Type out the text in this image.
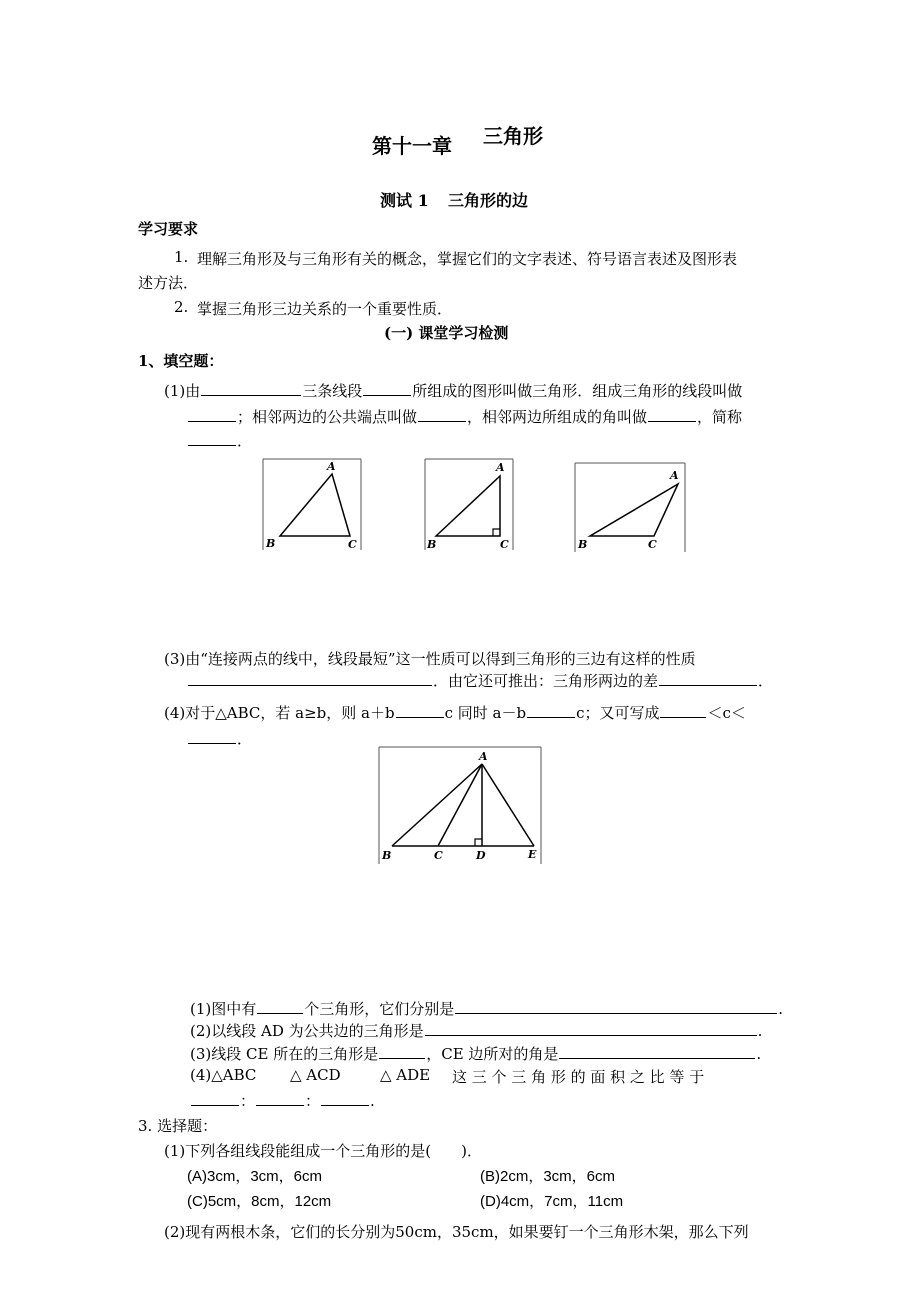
第十一章 三角形
测试 1 三角形的边
学习要求
1. 理解三角形及与三角形有关的概念，掌握它们的文字表述、符号语言表述及图形表
述方法．
2. 掌握三角形三边关系的一个重要性质．
(一) 课堂学习检测
1、填空题：
(1)由	三条线段	所组成的图形叫做三角形．组成三角形的线段叫做
；相邻两边的公共端点叫做	，相邻两边所组成的角叫做	，简称
．
A
B	C
A
B	C
A
B	C
(3)由“连接两点的线中，线段最短”这一性质可以得到三角形的三边有这样的性质
．由它还可推出：三角形两边的差	．
(4)对于△ABC，若 a≥b，则 a＋b	c 同时 a－b	c；又可写成	＜c＜
．
A
B	C	D	E
(1)图中有	个三角形，它们分别是	.
(2)以线段 AD 为公共边的三角形是	.
(3)线段 CE 所在的三角形是	，CE 边所对的角是	.
(4)△ABC △ ACD	△ ADE 这 三 个 三 角 形 的 面 积 之 比 等 于
：	：	.
3. 选择题：
(1)下列各组线段能组成一个三角形的是(　　)．
(A)3cm，3cm，6cm	(B)2cm，3cm，6cm
(C)5cm，8cm，12cm	(D)4cm，7cm，11cm
(2)现有两根木条，它们的长分别为50cm，35cm，如果要钉一个三角形木架，那么下列
